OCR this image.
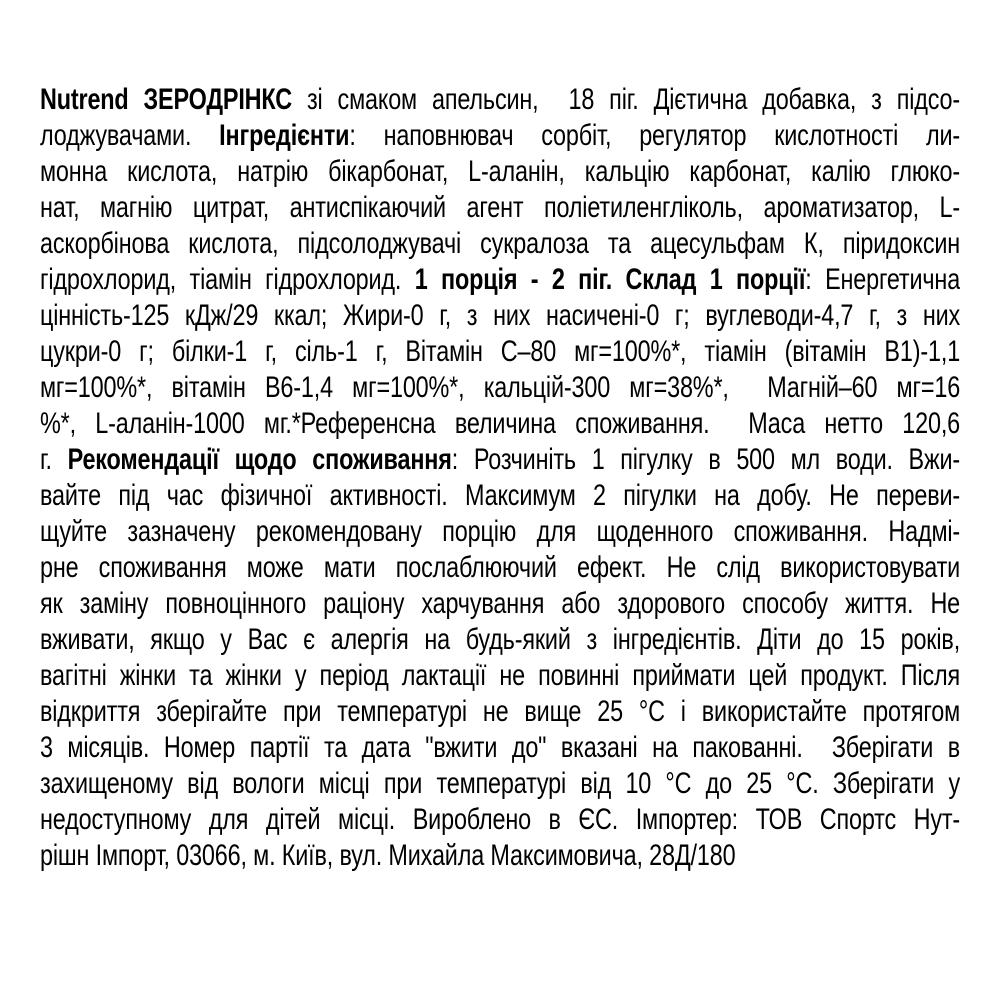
Nutrend ЗЕРОДРІНКС зі смаком апельсин,  18 піг. Дієтична добавка, з підсо-
лоджувачами. Інгредієнти: наповнювач сорбіт, регулятор кислотності ли-
монна кислота, натрію бікарбонат, L-аланін, кальцію карбонат, калію глюко-
нат, магнію цитрат, антиспікаючий агент поліетиленгліколь, ароматизатор, L-
аскорбінова кислота, підсолоджувачі сукралоза та ацесульфам К, піридоксин
гідрохлорид, тіамін гідрохлорид. 1 порція - 2 піг. Склад 1 порції: Енергетична
цінність-125 кДж/29 ккал; Жири-0 г, з них насичені-0 г; вуглеводи-4,7 г, з них
цукри-0 г; білки-1 г, сіль-1 г, Вітамін С–80 мг=100%*, тіамін (вітамін В1)-1,1
мг=100%*, вітамін В6-1,4 мг=100%*, кальцій-300 мг=38%*,  Магній–60 мг=16
%*, L-аланін-1000 мг.*Референсна величина споживання.  Маса нетто 120,6
г. Рекомендації щодо споживання: Розчиніть 1 пігулку в 500 мл води. Вжи-
вайте під час фізичної активності. Максимум 2 пігулки на добу. Не переви-
щуйте зазначену рекомендовану порцію для щоденного споживання. Надмі-
рне споживання може мати послаблюючий ефект. Не слід використовувати
як заміну повноцінного раціону харчування або здорового способу життя. Не
вживати, якщо у Вас є алергія на будь-який з інгредієнтів. Діти до 15 років,
вагітні жінки та жінки у період лактації не повинні приймати цей продукт. Після
відкриття зберігайте при температурі не вище 25 °C і використайте протягом
3 місяців. Номер партії та дата "вжити до" вказані на пакованні.  Зберігати в
захищеному від вологи місці при температурі від 10 °C до 25 °C. Зберігати у
недоступному для дітей місці. Вироблено в ЄС. Імпортер: ТОВ Спортс Нут-
рішн Імпорт, 03066, м. Київ, вул. Михайла Максимовича, 28Д/180
